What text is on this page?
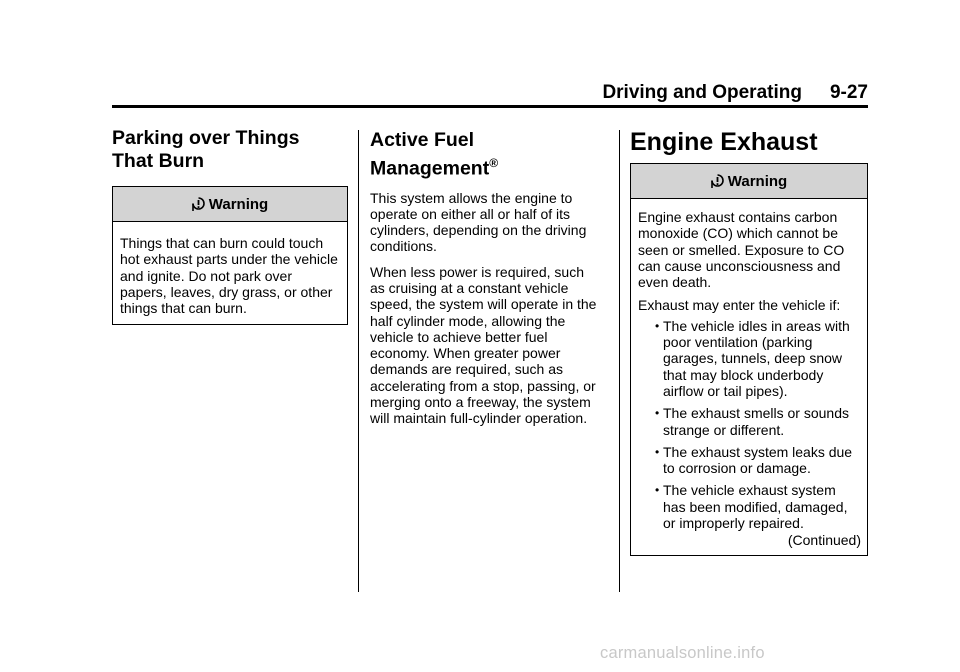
Driving and Operating 9-27
Parking over Things
That Burn
Warning

Things that can burn could touch hot exhaust parts under the vehicle and ignite. Do not park over papers, leaves, dry grass, or other things that can burn.

Active Fuel Management®

This system allows the engine to operate on either all or half of its cylinders, depending on the driving conditions.

When less power is required, such as cruising at a constant vehicle speed, the system will operate in the half cylinder mode, allowing the vehicle to achieve better fuel economy. When greater power demands are required, such as accelerating from a stop, passing, or merging onto a freeway, the system will maintain full-cylinder operation.

Engine Exhaust
Warning

Engine exhaust contains carbon monoxide (CO) which cannot be seen or smelled. Exposure to CO can cause unconsciousness and even death.

Exhaust may enter the vehicle if:

• The vehicle idles in areas with poor ventilation (parking garages, tunnels, deep snow that may block underbody airflow or tail pipes).
• The exhaust smells or sounds strange or different.
• The exhaust system leaks due to corrosion or damage.
• The vehicle exhaust system has been modified, damaged, or improperly repaired.
(Continued)
carmanualsonline.info
